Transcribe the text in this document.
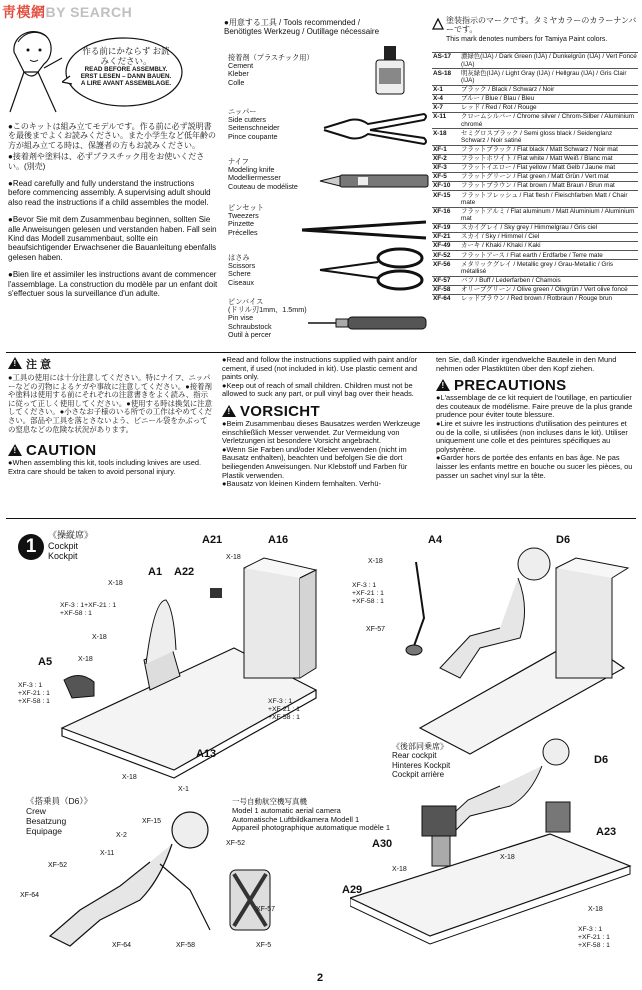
靑模網BY SEARCH
作る前にかならず お読みください。
READ BEFORE ASSEMBLY.
ERST LESEN – DANN BAUEN.
A LIRE AVANT ASSEMBLAGE.
●このキットは組み立てモデルです。作る前に必ず説明書を最後までよくお読みください。また小学生など低年齢の方が組み立てる時は、保護者の方もお読みください。
●接着剤や塗料は、必ずプラスチック用をお使いください。(別売)
●Read carefully and fully understand the instructions before commencing assembly. A supervising adult should also read the instructions if a child assembles the model.
●Bevor Sie mit dem Zusammenbau beginnen, sollten Sie alle Anweisungen gelesen und verstanden haben. Fall sein Kind das Modell zusammenbaut, sollte ein beaufsichtigender Erwachsener die Bauanleitung ebenfalls gelesen haben.
●Bien lire et assimiler les instructions avant de commencer l'assemblage. La construction du modèle par un enfant doit s'effectuer sous la surveillance d'un adulte.
●用意する工具 / Tools recommended /
Benötigtes Werkzeug / Outillage nécessaire
接着剤（プラスチック用）
Cement
Kleber
Colle
ニッパー
Side cutters
Seitenschneider
Pince coupante
ナイフ
Modeling knife
Modelliermesser
Couteau de modéliste
ピンセット
Tweezers
Pinzette
Précelles
はさみ
Scissors
Schere
Ciseaux
ピンバイス
(ドリル刃1mm、1.5mm)
Pin vise
Schraubstock
Outil à percer
塗装指示のマークです。タミヤカラーのカラーナンバーです。
This mark denotes numbers for Tamiya Paint colors.
AS-17	濃緑色(IJA) / Dark Green (IJA) / Dunkelgrün (IJA) / Vert Foncé (IJA)
AS-18	明灰緑色(IJA) / Light Gray (IJA) / Hellgrau (IJA) / Gris Clair (IJA)
X-1	ブラック / Black / Schwarz / Noir
X-4	ブルー / Blue / Blau / Bleu
X-7	レッド / Red / Rot / Rouge
X-11	クロームシルバー / Chrome silver / Chrom-Silber / Aluminium chromé
X-18	セミグロスブラック / Semi gloss black / Seidenglanz Schwarz / Noir satiné
XF-1	フラットブラック / Flat black / Matt Schwarz / Noir mat
XF-2	フラットホワイト / Flat white / Matt Weiß / Blanc mat
XF-3	フラットイエロー / Flat yellow / Matt Gelb / Jaune mat
XF-5	フラットグリーン / Flat green / Matt Grün / Vert mat
XF-10	フラットブラウン / Flat brown / Matt Braun / Brun mat
XF-15	フラットフレッシュ / Flat flesh / Fleischfarben Matt / Chair mate
XF-16	フラットアルミ / Flat aluminum / Matt Aluminium / Aluminium mat
XF-19	スカイグレイ / Sky grey / Himmelgrau / Gris ciel
XF-21	スカイ / Sky / Himmel / Ciel
XF-49	カーキ / Khaki / Khaki / Kaki
XF-52	フラットアース / Flat earth / Erdfarbe / Terre mate
XF-56	メタリックグレイ / Metallic grey / Grau-Metallic / Gris métallisé
XF-57	バフ / Buff / Lederfarben / Chamois
XF-58	オリーブグリーン / Olive green / Olivgrün / Vert olive foncé
XF-64	レッドブラウン / Red brown / Rotbraun / Rouge brun
!注 意
●工具の使用には十分注意してください。特にナイフ、ニッパーなどの刃物によるケガや事故に注意してください。●接着剤や塗料は使用する前にそれぞれの注意書きをよく読み、指示に従って正しく使用してください。●使用する時は換気に注意してください。●小さなお子様のいる所での工作はやめてください。部品や工具を落とさないよう、ビニール袋をかぶっての窒息などの危険な状況があります。
!CAUTION
●When assembling this kit, tools including knives are used. Extra care should be taken to avoid personal injury.
●Read and follow the instructions supplied with paint and/or cement, if used (not included in kit). Use plastic cement and paints only.
●Keep out of reach of small children. Children must not be allowed to suck any part, or pull vinyl bag over their heads.
!VORSICHT
●Beim Zusammenbau dieses Bausatzes werden Werkzeuge einschließlich Messer verwendet. Zur Vermeidung von Verletzungen ist besondere Vorsicht angebracht.
●Wenn Sie Farben und/oder Kleber verwenden (nicht im Bausatz enthalten), beachten und befolgen Sie die dort beiliegenden Anweisungen. Nur Klebstoff und Farben für Plastik verwenden.
●Bausatz von kleinen Kindern fernhalten. Verhü-
ten Sie, daß Kinder irgendwelche Bauteile in den Mund nehmen oder Plastiktüten über den Kopf ziehen.
!PRECAUTIONS
●L'assemblage de ce kit requiert de l'outillage, en particulier des couteaux de modélisme. Faire preuve de la plus grande prudence pour éviter toute blessure.
●Lire et suivre les instructions d'utilisation des peintures et ou de la colle, si utilisées (non incluses dans le kit). Utiliser uniquement une colle et des peintures spécifiques au polystyrène.
●Garder hors de portée des enfants en bas âge. Ne pas laisser les enfants mettre en bouche ou sucer les pièces, ou passer un sachet vinyl sur la tête.
1
《操縦席》
Cockpit
Kockpit
A1 A22
A21	A16
A5
A13
X-18
X-18
X-18
X-18
X-18
XF-3 : 1+XF-21 : 1
+XF-58 : 1
XF-3 : 1
+XF-21 : 1
+XF-58 : 1	XF-3 : 1
+XF-21 : 1
+XF-58 : 1
A4	D6
X-18
XF-3 : 1
+XF-21 : 1
+XF-58 : 1
XF-57
《後部同乗席》
Rear cockpit
Hinteres Kockpit
Cockpit arrière
D6
A23
A30
A29
X-18
X-18
X-18
XF-3 : 1
+XF-21 : 1
+XF-58 : 1
一号自動航空機写真機
Model 1 automatic aerial camera
Automatische Luftbildkamera Modell 1
Appareil photographique automatique modèle 1
《搭乗員（D6）》
Crew
Besatzung
Equipage
X-1
XF-15
X-2
X-11
XF-52
XF-64
XF-64	XF-58
XF-52
XF-57
XF-5
2
